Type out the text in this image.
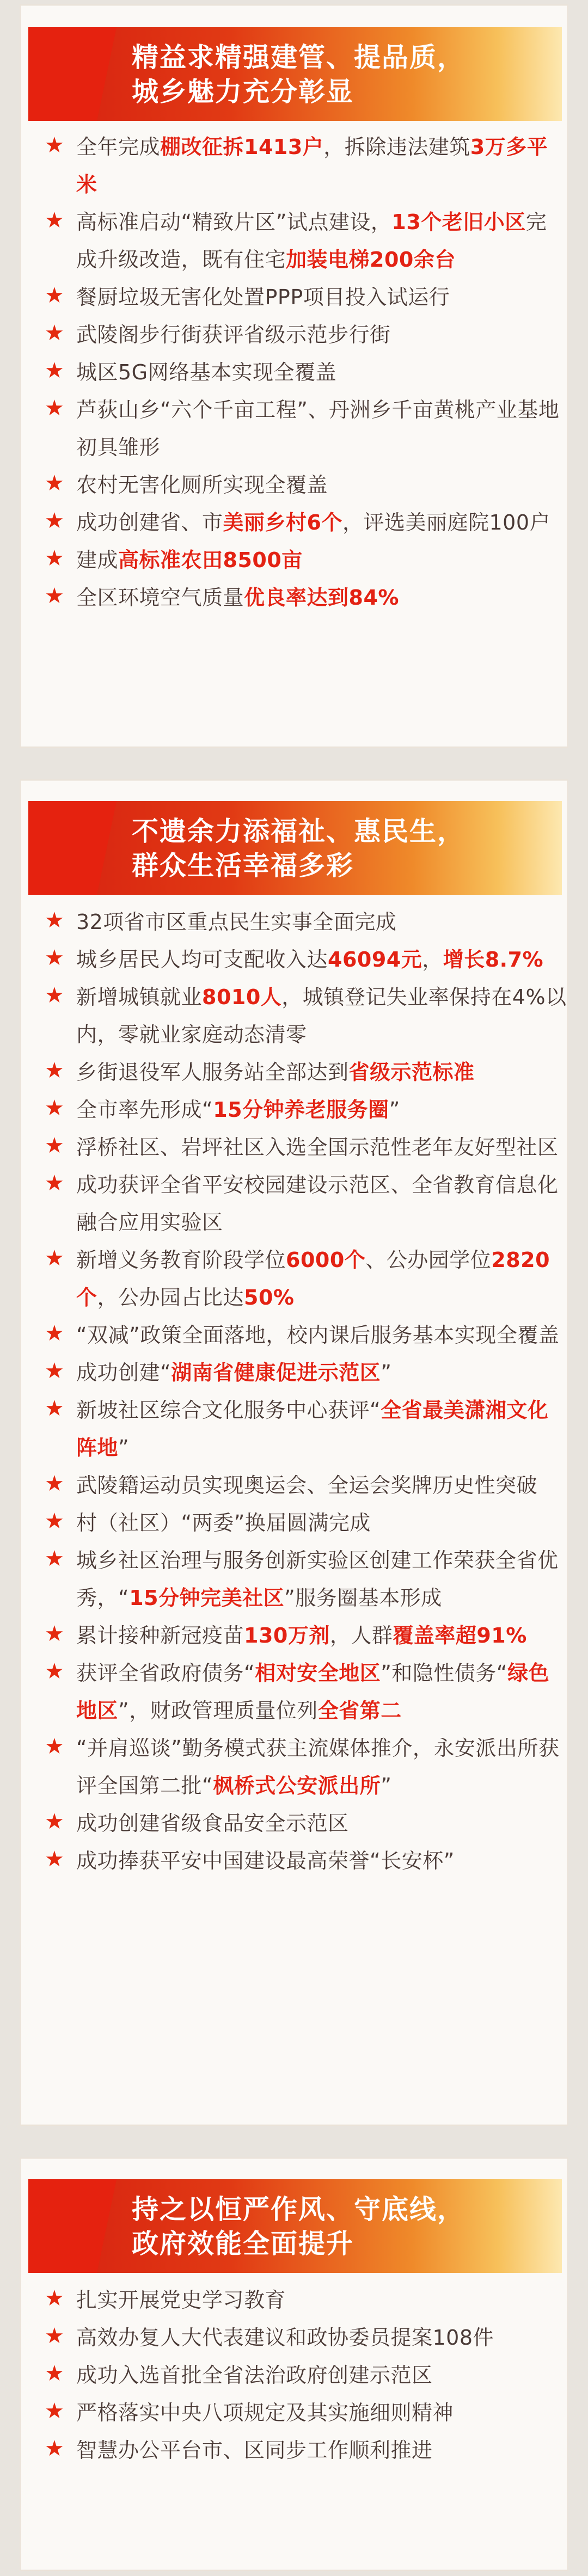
精益求精强建管、提品质，
城乡魅力充分彰显
★ 全年完成棚改征拆1413户，拆除违法建筑3万多平米
★ 高标准启动“精致片区”试点建设，13个老旧小区完成升级改造，既有住宅加装电梯200余台
★ 餐厨垃圾无害化处置PPP项目投入试运行
★ 武陵阁步行街获评省级示范步行街
★ 城区5G网络基本实现全覆盖
★ 芦荻山乡“六个千亩工程”、丹洲乡千亩黄桃产业基地初具雏形
★ 农村无害化厕所实现全覆盖
★ 成功创建省、市美丽乡村6个，评选美丽庭院100户
★ 建成高标准农田8500亩
★ 全区环境空气质量优良率达到84%
不遗余力添福祉、惠民生，
群众生活幸福多彩
★ 32项省市区重点民生实事全面完成
★ 城乡居民人均可支配收入达46094元，增长8.7%
★ 新增城镇就业8010人，城镇登记失业率保持在4%以内，零就业家庭动态清零
★ 乡街退役军人服务站全部达到省级示范标准
★ 全市率先形成“15分钟养老服务圈”
★ 浮桥社区、岩坪社区入选全国示范性老年友好型社区
★ 成功获评全省平安校园建设示范区、全省教育信息化融合应用实验区
★ 新增义务教育阶段学位6000个、公办园学位2820个，公办园占比达50%
★ “双减”政策全面落地，校内课后服务基本实现全覆盖
★ 成功创建“湖南省健康促进示范区”
★ 新坡社区综合文化服务中心获评“全省最美潇湘文化阵地”
★ 武陵籍运动员实现奥运会、全运会奖牌历史性突破
★ 村（社区）“两委”换届圆满完成
★ 城乡社区治理与服务创新实验区创建工作荣获全省优秀，“15分钟完美社区”服务圈基本形成
★ 累计接种新冠疫苗130万剂，人群覆盖率超91%
★ 获评全省政府债务“相对安全地区”和隐性债务“绿色地区”，财政管理质量位列全省第二
★ “并肩巡谈”勤务模式获主流媒体推介，永安派出所获评全国第二批“枫桥式公安派出所”
★ 成功创建省级食品安全示范区
★ 成功捧获平安中国建设最高荣誉“长安杯”
持之以恒严作风、守底线，
政府效能全面提升
★ 扎实开展党史学习教育
★ 高效办复人大代表建议和政协委员提案108件
★ 成功入选首批全省法治政府创建示范区
★ 严格落实中央八项规定及其实施细则精神
★ 智慧办公平台市、区同步工作顺利推进
